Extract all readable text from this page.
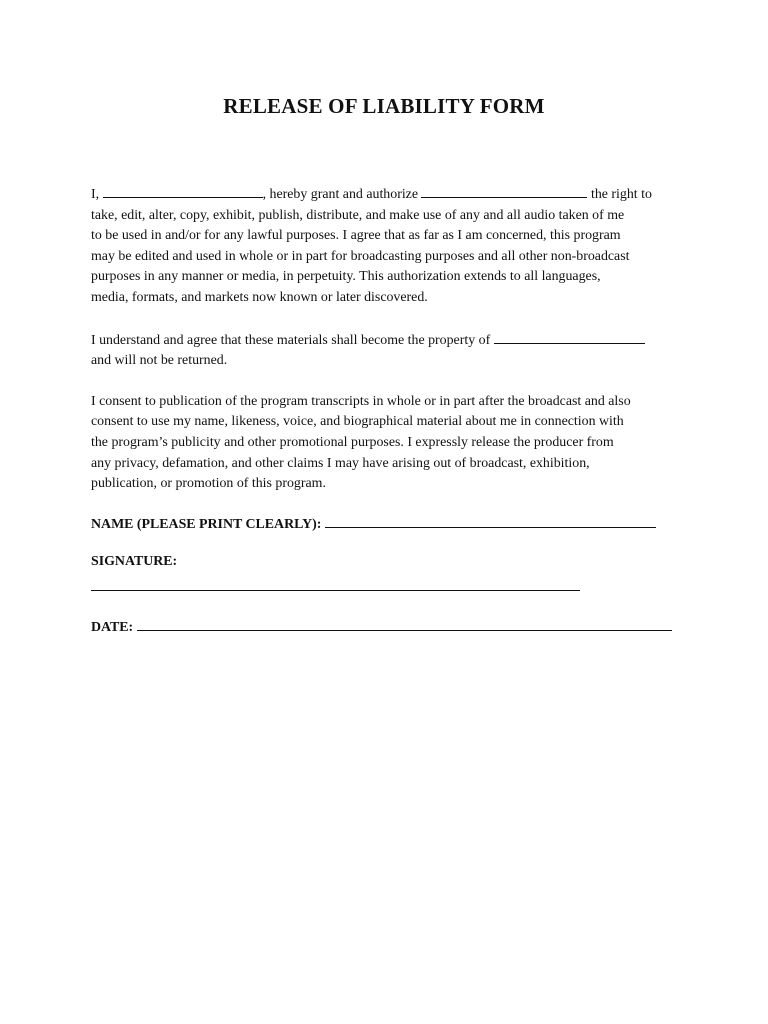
RELEASE OF LIABILITY FORM
I,	, hereby grant and authorize	the right to
take, edit, alter, copy, exhibit, publish, distribute, and make use of any and all audio taken of me
to be used in and/or for any lawful purposes. I agree that as far as I am concerned, this program
may be edited and used in whole or in part for broadcasting purposes and all other non-broadcast
purposes in any manner or media, in perpetuity. This authorization extends to all languages,
media, formats, and markets now known or later discovered.
I understand and agree that these materials shall become the property of
and will not be returned.
I consent to publication of the program transcripts in whole or in part after the broadcast and also
consent to use my name, likeness, voice, and biographical material about me in connection with
the program’s publicity and other promotional purposes. I expressly release the producer from
any privacy, defamation, and other claims I may have arising out of broadcast, exhibition,
publication, or promotion of this program.
NAME (PLEASE PRINT CLEARLY):
SIGNATURE:
DATE:
